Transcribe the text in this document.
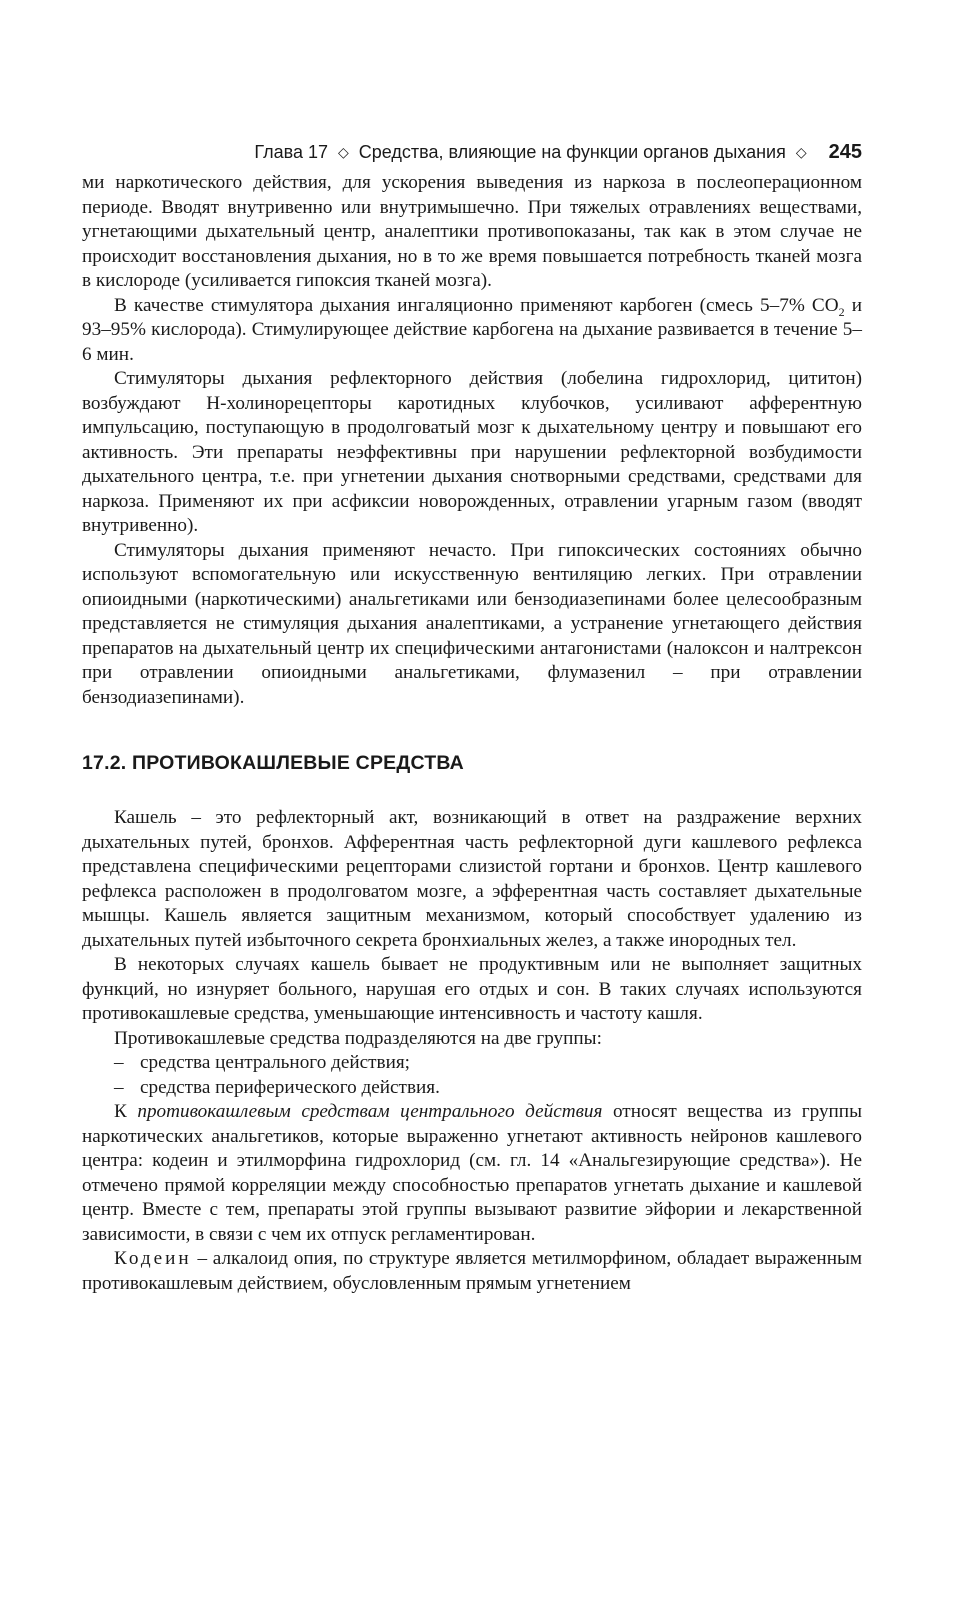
Глава 17 ◇ Средства, влияющие на функции органов дыхания ◇ 245

ми наркотического действия, для ускорения выведения из наркоза в послеоперационном периоде. Вводят внутривенно или внутримышечно. При тяжелых отравлениях веществами, угнетающими дыхательный центр, аналептики противопоказаны, так как в этом случае не происходит восстановления дыхания, но в то же время повышается потребность тканей мозга в кислороде (усиливается гипоксия тканей мозга).

В качестве стимулятора дыхания ингаляционно применяют карбоген (смесь 5–7% $CO_2$ и 93–95% кислорода). Стимулирующее действие карбогена на дыхание развивается в течение 5–6 мин.

Стимуляторы дыхания рефлекторного действия (лобелина гидрохлорид, цититон) возбуждают Н-холинорецепторы каротидных клубочков, усиливают афферентную импульсацию, поступающую в продолговатый мозг к дыхательному центру и повышают его активность. Эти препараты неэффективны при нарушении рефлекторной возбудимости дыхательного центра, т.е. при угнетении дыхания снотворными средствами, средствами для наркоза. Применяют их при асфиксии новорожденных, отравлении угарным газом (вводят внутривенно).

Стимуляторы дыхания применяют нечасто. При гипоксических состояниях обычно используют вспомогательную или искусственную вентиляцию легких. При отравлении опиоидными (наркотическими) анальгетиками или бензодиазепинами более целесообразным представляется не стимуляция дыхания аналептиками, а устранение угнетающего действия препаратов на дыхательный центр их специфическими антагонистами (налоксон и налтрексон при отравлении опиоидными анальгетиками, флумазенил – при отравлении бензодиазепинами).

17.2. ПРОТИВОКАШЛЕВЫЕ СРЕДСТВА

Кашель – это рефлекторный акт, возникающий в ответ на раздражение верхних дыхательных путей, бронхов. Афферентная часть рефлекторной дуги кашлевого рефлекса представлена специфическими рецепторами слизистой гортани и бронхов. Центр кашлевого рефлекса расположен в продолговатом мозге, а эфферентная часть составляет дыхательные мышцы. Кашель является защитным механизмом, который способствует удалению из дыхательных путей избыточного секрета бронхиальных желез, а также инородных тел.

В некоторых случаях кашель бывает не продуктивным или не выполняет защитных функций, но изнуряет больного, нарушая его отдых и сон. В таких случаях используются противокашлевые средства, уменьшающие интенсивность и частоту кашля.

Противокашлевые средства подразделяются на две группы:

– средства центрального действия;
– средства периферического действия.

К противокашлевым средствам центрального действия относят вещества из группы наркотических анальгетиков, которые выраженно угнетают активность нейронов кашлевого центра: кодеин и этилморфина гидрохлорид (см. гл. 14 «Анальгезирующие средства»). Не отмечено прямой корреляции между способностью препаратов угнетать дыхание и кашлевой центр. Вместе с тем, препараты этой группы вызывают развитие эйфории и лекарственной зависимости, в связи с чем их отпуск регламентирован.

Кодеин – алкалоид опия, по структуре является метилморфином, обладает выраженным противокашлевым действием, обусловленным прямым угнетением
